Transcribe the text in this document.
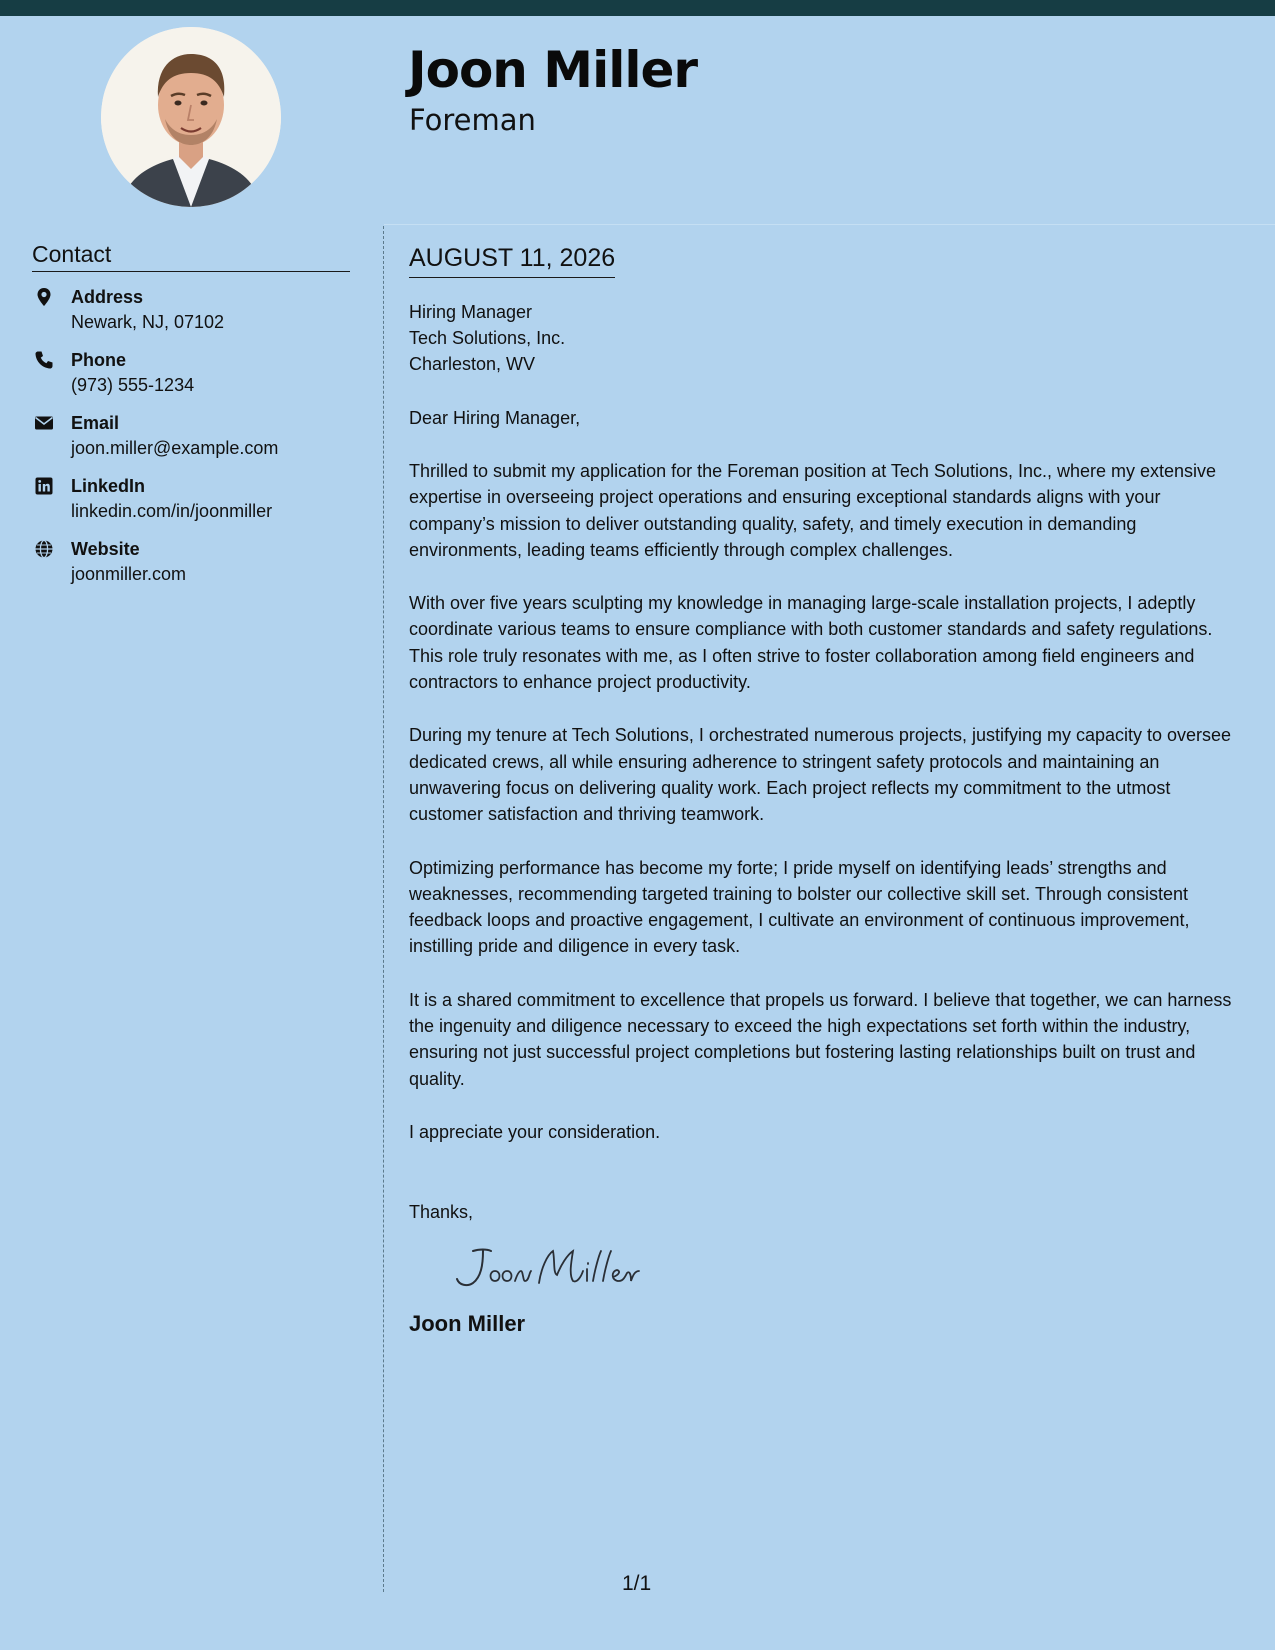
Joon Miller
Foreman
Contact
Address
Newark, NJ, 07102
Phone
(973) 555-1234
Email
joon.miller@example.com
LinkedIn
linkedin.com/in/joonmiller
Website
joonmiller.com
AUGUST 11, 2026
Hiring Manager
Tech Solutions, Inc.
Charleston, WV
Dear Hiring Manager,
Thrilled to submit my application for the Foreman position at Tech Solutions, Inc., where my extensive expertise in overseeing project operations and ensuring exceptional standards aligns with your company’s mission to deliver outstanding quality, safety, and timely execution in demanding environments, leading teams efficiently through complex challenges.
With over five years sculpting my knowledge in managing large-scale installation projects, I adeptly coordinate various teams to ensure compliance with both customer standards and safety regulations. This role truly resonates with me, as I often strive to foster collaboration among field engineers and contractors to enhance project productivity.
During my tenure at Tech Solutions, I orchestrated numerous projects, justifying my capacity to oversee dedicated crews, all while ensuring adherence to stringent safety protocols and maintaining an unwavering focus on delivering quality work. Each project reflects my commitment to the utmost customer satisfaction and thriving teamwork.
Optimizing performance has become my forte; I pride myself on identifying leads’ strengths and weaknesses, recommending targeted training to bolster our collective skill set. Through consistent feedback loops and proactive engagement, I cultivate an environment of continuous improvement, instilling pride and diligence in every task.
It is a shared commitment to excellence that propels us forward. I believe that together, we can harness the ingenuity and diligence necessary to exceed the high expectations set forth within the industry, ensuring not just successful project completions but fostering lasting relationships built on trust and quality.
I appreciate your consideration.
Thanks,
Joon Miller
1/1
